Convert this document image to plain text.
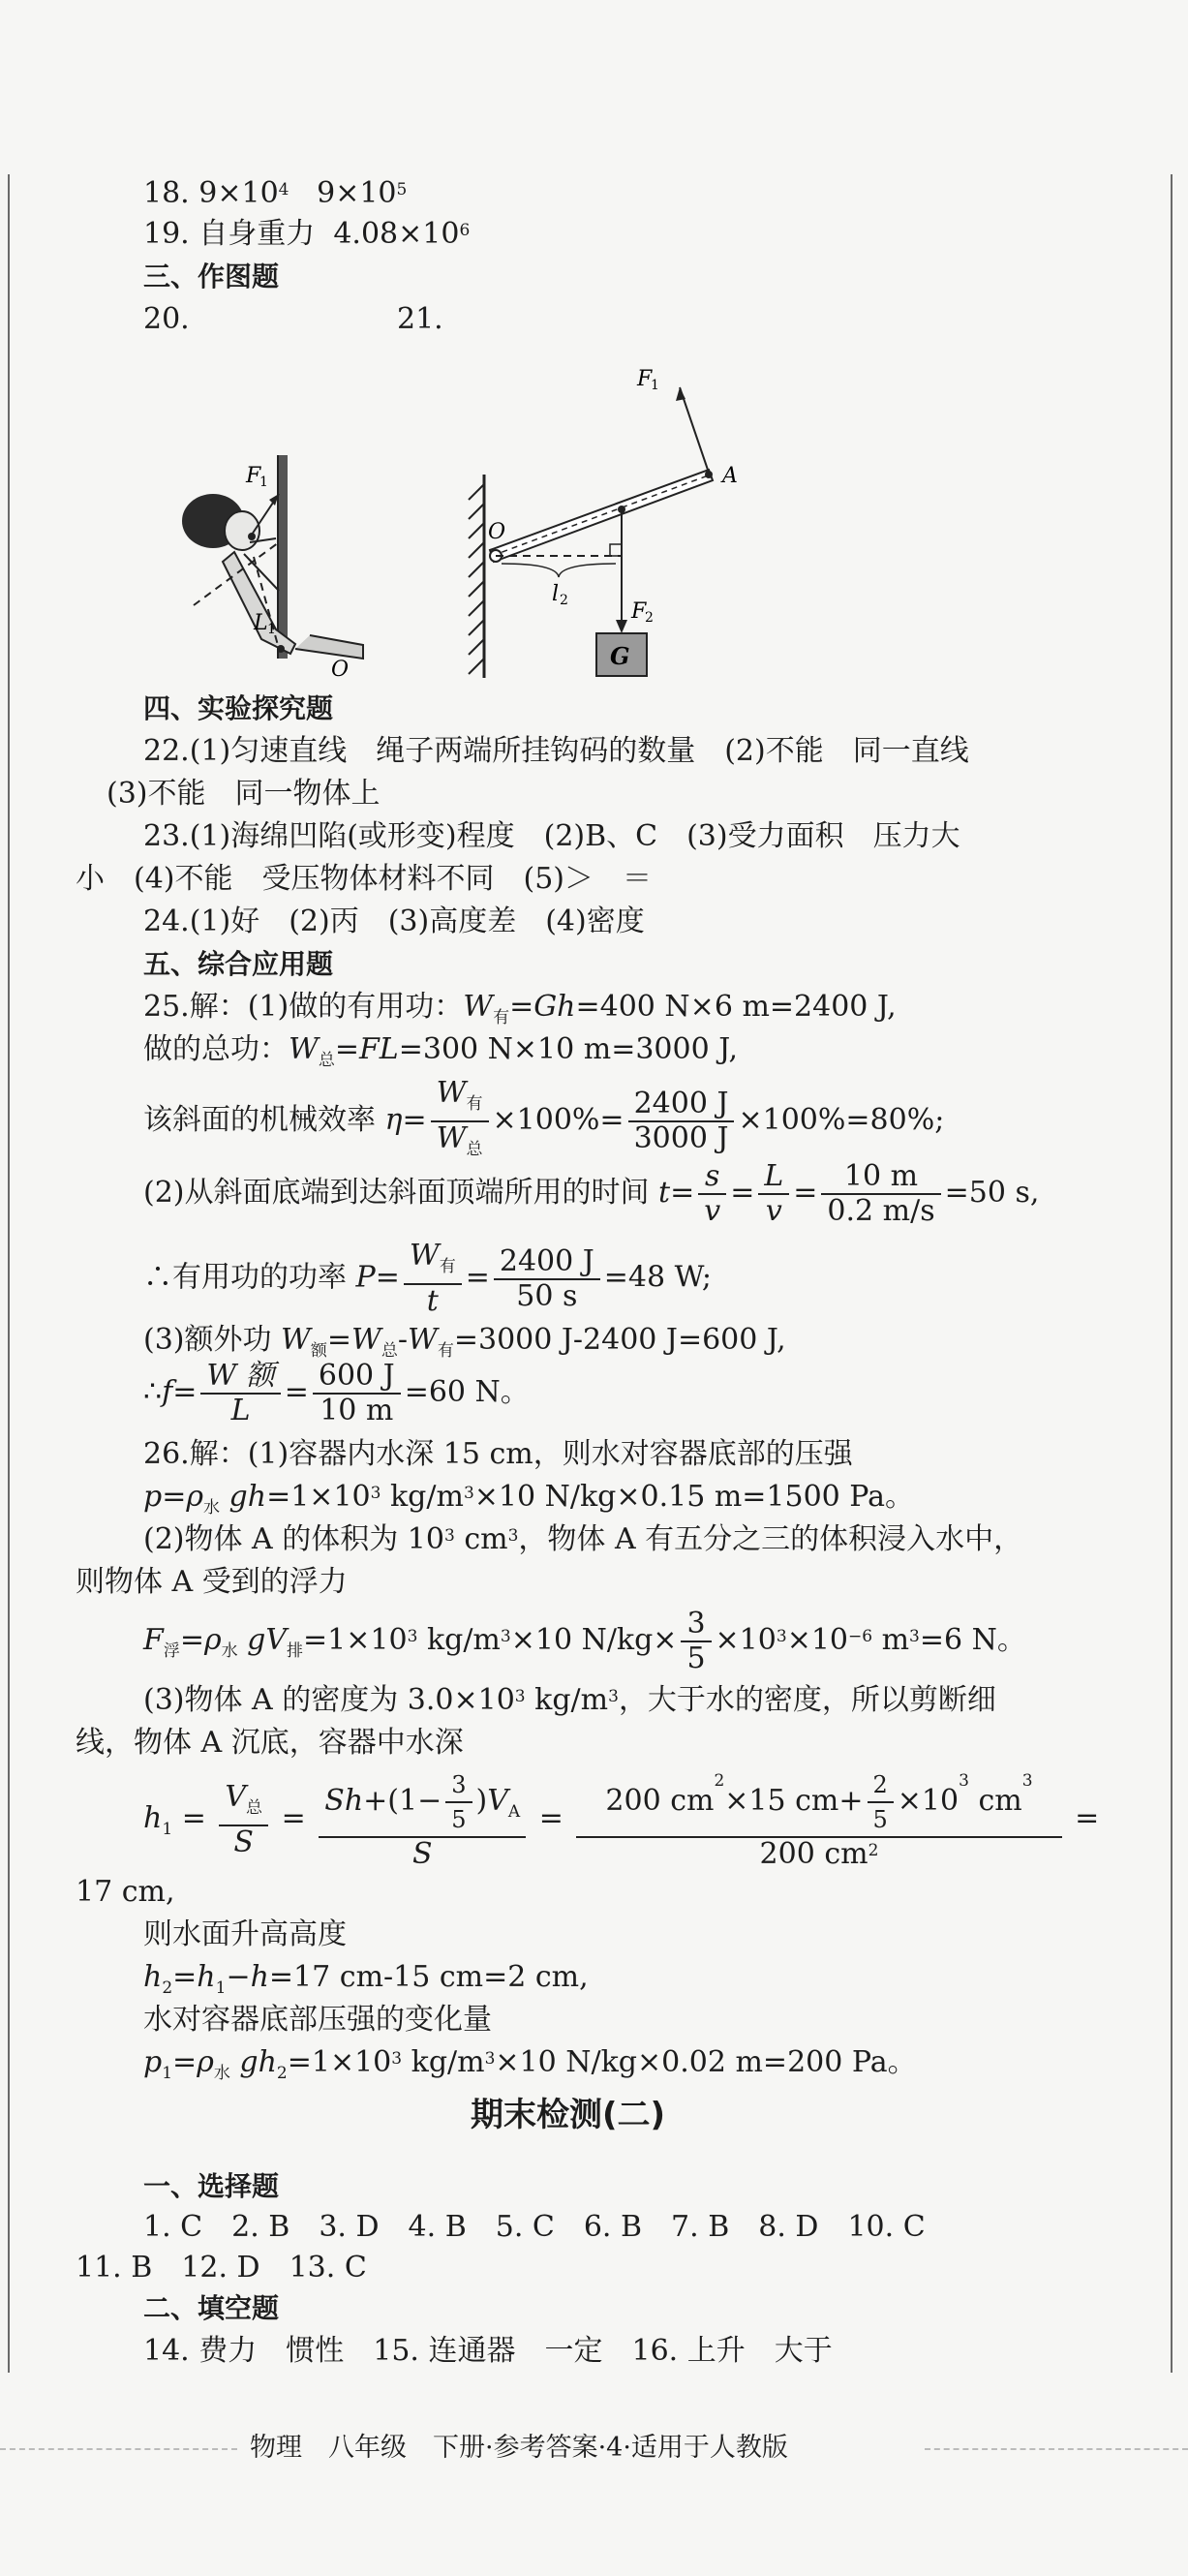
18. $9\times 10^4$ $9\times 10^5$
19. 自身重力 $4.08\times 10^6$
三、作图题
20.	21.
F
1
L 1
O
F
1
A
O
l 2	F
2
G
四、实验探究题
22.(1)匀速直线　绳子两端所挂钩码的数量　(2)不能　同一直线
(3)不能　同一物体上
23.(1)海绵凹陷(或形变)程度　(2)B、C　(3)受力面积　压力大
小　(4)不能　受压物体材料不同　(5)＞　＝
24.(1)好　(2)丙　(3)高度差　(4)密度
五、综合应用题
25.解：(1)做的有用功：$W_有=Gh=400$ N×6 m=2400 J,
做的总功：$W_总=FL=300$ N×10 m=3000 J,
该斜面的机械效率 $\eta= \frac{W_有}{W_总} \times 100\%= \frac{2400 J}{3000 J} \times 100\%=80\%$;
(2)从斜面底端到达斜面顶端所用的时间 $t= \frac{s}{v} = \frac{L}{v} = \frac{10 m}{0.2 m/s} =50$ s,
∴有用功的功率 $P= \frac{W_有}{t} = \frac{2400 J}{50 s} =48$ W;
(3)额外功 $W_额=W_总-W_有=3000$ J-2400 J=600 J,
∴f= $\frac{\text{W 额}}{L} = \frac{600 J}{10 m} =60$ N。
26.解：(1)容器内水深 15 cm，则水对容器底部的压强
$p=\rho_水$ $gh=1\times 10^3$ $kg/m^3\times 10$ N/kg×0.15 m=1500 Pa。
(2)物体 A 的体积为 $10^3$ $cm^3$，物体 A 有五分之三的体积浸入水中，
则物体 A 受到的浮力
$F_浮=\rho_水$ $gV_排=1\times 10^3$ $kg/m^3\times 10$ $N/kg\times \frac{3}{5} \times 10^3\times 10^{-6}$ $m^3=6$ N。
(3)物体 A 的密度为 $3.0\times 10^3$ $kg/m^3$，大于水的密度，所以剪断细
线，物体 A 沉底，容器中水深
$h_1 = \frac{V_总}{S} = \frac{Sh+(1- \frac{3}{5} )V_A}{S} = \frac{200 cm^2\times 15 cm+ \frac{2}{5} \times 10^3 cm^3}{200 cm^2}$ =
17 cm,
则水面升高高度
$h_2=h_1-h=17$ cm-15 cm=2 cm,
水对容器底部压强的变化量
$p_1=\rho_水$ $gh_2=1\times 10^3$ $kg/m^3\times 10$ N/kg×0.02 m=200 Pa。
期末检测(二)
一、选择题
1. C　2. B　3. D　4. B　5. C　6. B　7. B　8. D　10. C
11. B　12. D　13. C
二、填空题
14. 费力　惯性　15. 连通器　一定　16. 上升　大于
物理　八年级　下册·参考答案·4·适用于人教版
